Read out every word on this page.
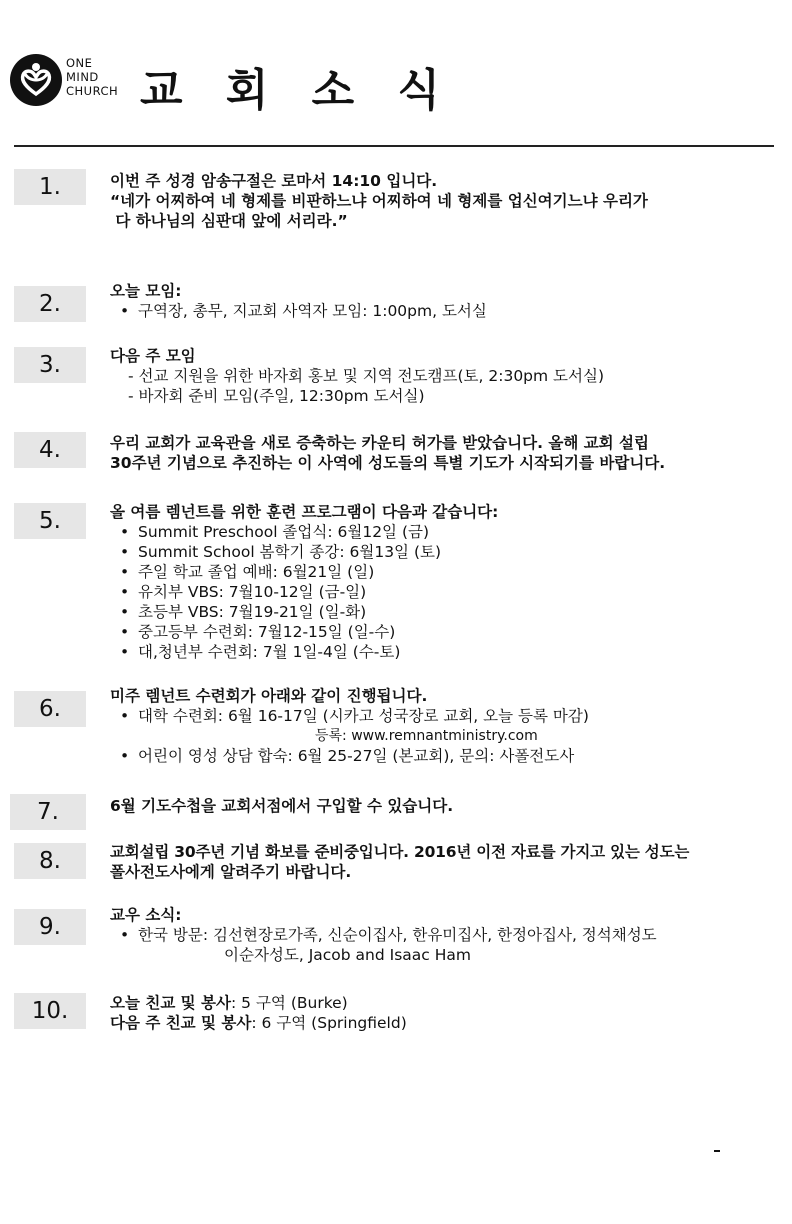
ONE
MIND
CHURCH 교 회 소 식
1.	이번 주 성경 암송구절은 로마서 14:10 입니다.
“네가 어찌하여 네 형제를 비판하느냐 어찌하여 네 형제를 업신여기느냐 우리가
다 하나님의 심판대 앞에 서리라.”
2.	오늘 모임:
• 구역장, 총무, 지교회 사역자 모임: 1:00pm, 도서실
3.	다음 주 모임
- 선교 지원을 위한 바자회 홍보 및 지역 전도캠프(토, 2:30pm 도서실)
- 바자회 준비 모임(주일, 12:30pm 도서실)
4.	우리 교회가 교육관을 새로 증축하는 카운티 허가를 받았습니다. 올해 교회 설립
30주년 기념으로 추진하는 이 사역에 성도들의 특별 기도가 시작되기를 바랍니다.
5.	올 여름 렘넌트를 위한 훈련 프로그램이 다음과 같습니다:
• Summit Preschool 졸업식: 6월12일 (금)
• Summit School 봄학기 종강: 6월13일 (토)
• 주일 학교 졸업 예배: 6월21일 (일)
• 유치부 VBS: 7월10-12일 (금-일)
• 초등부 VBS: 7월19-21일 (일-화)
• 중고등부 수련회: 7월12-15일 (일-수)
• 대,청년부 수련회: 7월 1일-4일 (수-토)
6.	미주 렘넌트 수련회가 아래와 같이 진행됩니다.
• 대학 수련회: 6월 16-17일 (시카고 성국장로 교회, 오늘 등록 마감)
등록: www.remnantministry.com
• 어린이 영성 상담 합숙: 6월 25-27일 (본교회), 문의: 사폴전도사
7.	6월 기도수첩을 교회서점에서 구입할 수 있습니다.
8.	교회설립 30주년 기념 화보를 준비중입니다. 2016년 이전 자료를 가지고 있는 성도는
폴사전도사에게 알려주기 바랍니다.
9.	교우 소식:
• 한국 방문: 김선현장로가족, 신순이집사, 한유미집사, 한정아집사, 정석채성도
이순자성도, Jacob and Isaac Ham
10.	오늘 친교 및 봉사: 5 구역 (Burke)
다음 주 친교 및 봉사: 6 구역 (Springfield)
